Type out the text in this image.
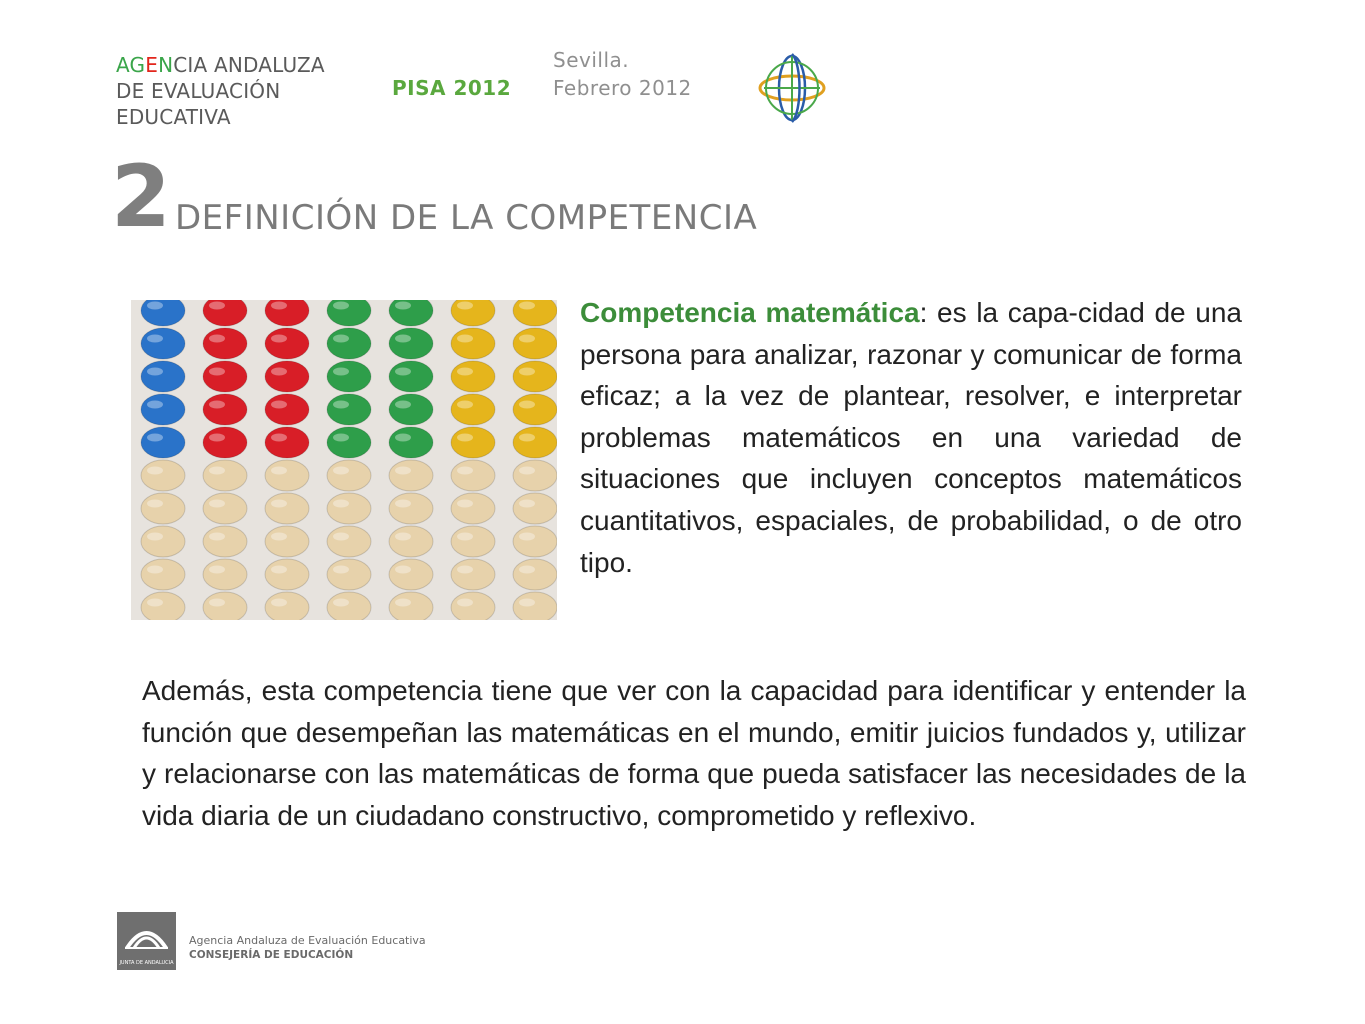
AGENCIA ANDALUZA
DE EVALUACIÓN
EDUCATIVA
PISA 2012
Sevilla.
Febrero 2012
2 DEFINICIÓN DE LA COMPETENCIA

Competencia matemática: es la capa-cidad de una persona para analizar, razonar y comunicar de forma eficaz; a la vez de plantear, resolver, e interpretar problemas matemáticos en una variedad de situaciones que incluyen conceptos matemáticos cuantitativos, espaciales, de probabilidad, o de otro tipo.

Además, esta competencia tiene que ver con la capacidad para identificar y entender la función que desempeñan las matemáticas en el mundo, emitir juicios fundados y, utilizar y relacionarse con las matemáticas de forma que pueda satisfacer las necesidades de la vida diaria de un ciudadano constructivo, comprometido y reflexivo.

JUNTA DE ANDALUCIA
Agencia Andaluza de Evaluación Educativa
CONSEJERÍA DE EDUCACIÓN
